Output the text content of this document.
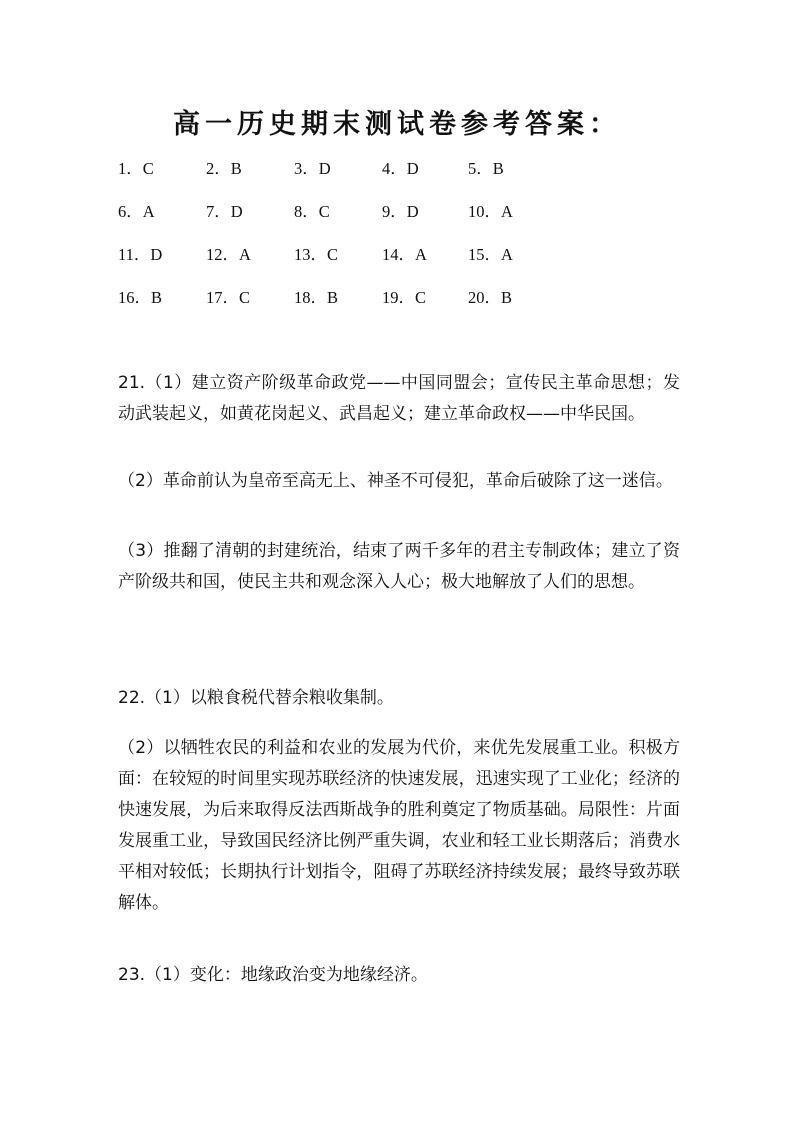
高一历史期末测试卷参考答案：
1．C	2．B	3．D	4．D	5．B
6．A	7．D	8．C	9．D	10．A
11．D	12．A	13．C	14．A 15．A
16．B	17．C	18．B	19．C	20．B
21.（1）建立资产阶级革命政党——中国同盟会；宣传民主革命思想；发动武装起义，如黄花岗起义、武昌起义；建立革命政权——中华民国。
（2）革命前认为皇帝至高无上、神圣不可侵犯，革命后破除了这一迷信。
（3）推翻了清朝的封建统治，结束了两千多年的君主专制政体；建立了资产阶级共和国，使民主共和观念深入人心；极大地解放了人们的思想。
22.（1）以粮食税代替余粮收集制。
（2）以牺牲农民的利益和农业的发展为代价，来优先发展重工业。积极方面：在较短的时间里实现苏联经济的快速发展，迅速实现了工业化；经济的快速发展，为后来取得反法西斯战争的胜利奠定了物质基础。局限性：片面发展重工业，导致国民经济比例严重失调，农业和轻工业长期落后；消费水平相对较低；长期执行计划指令，阻碍了苏联经济持续发展；最终导致苏联解体。
23.（1）变化：地缘政治变为地缘经济。
